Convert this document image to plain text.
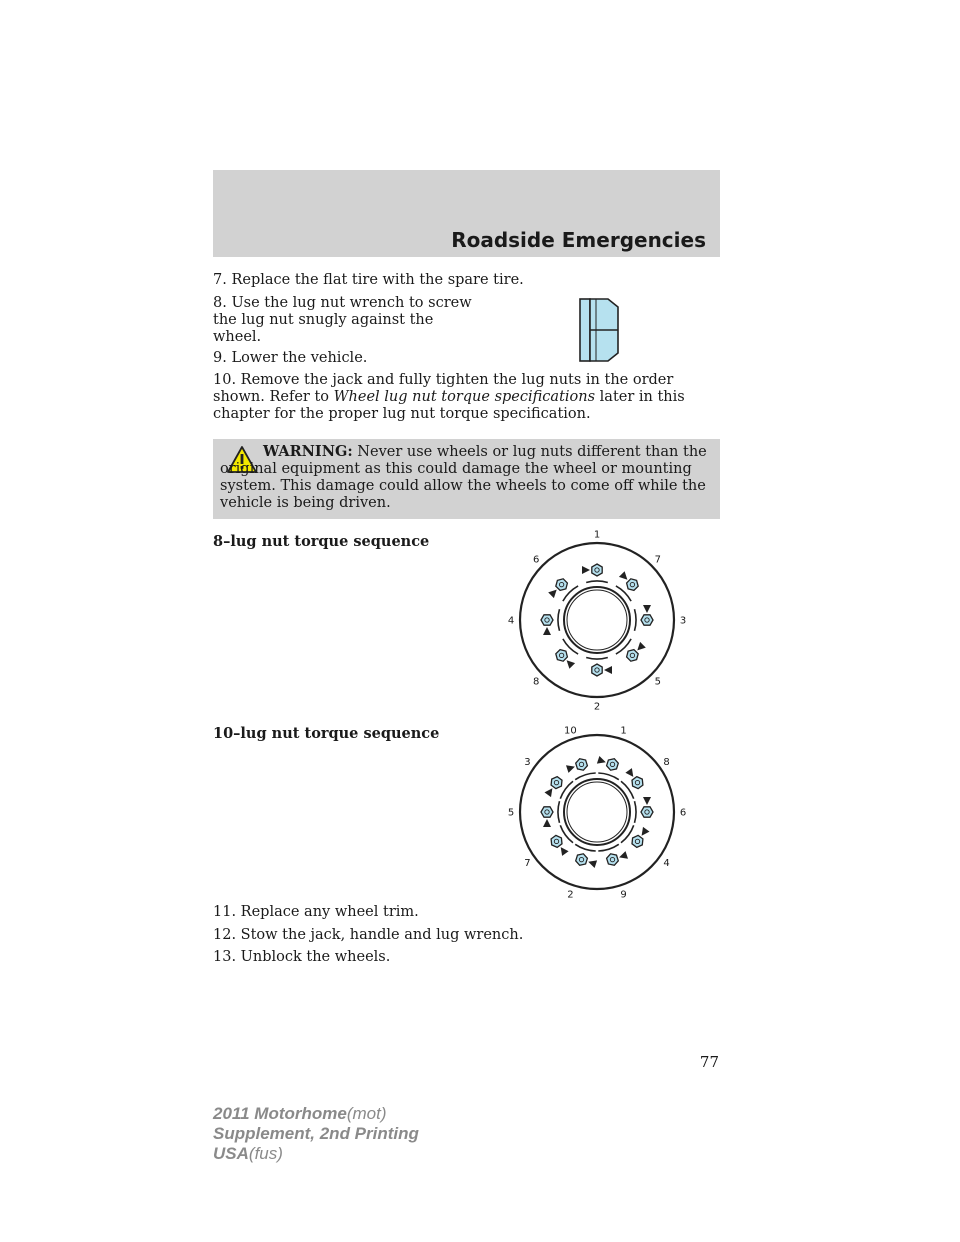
Roadside Emergencies

7. Replace the flat tire with the spare tire.

8. Use the lug nut wrench to screw the lug nut snugly against the wheel.

9. Lower the vehicle.

10. Remove the jack and fully tighten the lug nuts in the order shown. Refer to Wheel lug nut torque specifications later in this chapter for the proper lug nut torque specification.

WARNING: Never use wheels or lug nuts different than the original equipment as this could damage the wheel or mounting system. This damage could allow the wheels to come off while the vehicle is being driven.

8–lug nut torque sequence	1
7
3
5
2
8
4
6

10–lug nut torque sequence	1
8
6
4
9
2
7
5
3
10

11. Replace any wheel trim.

12. Stow the jack, handle and lug wrench.

13. Unblock the wheels.

77
2011 Motorhome(mot)
Supplement, 2nd Printing
USA(fus)
